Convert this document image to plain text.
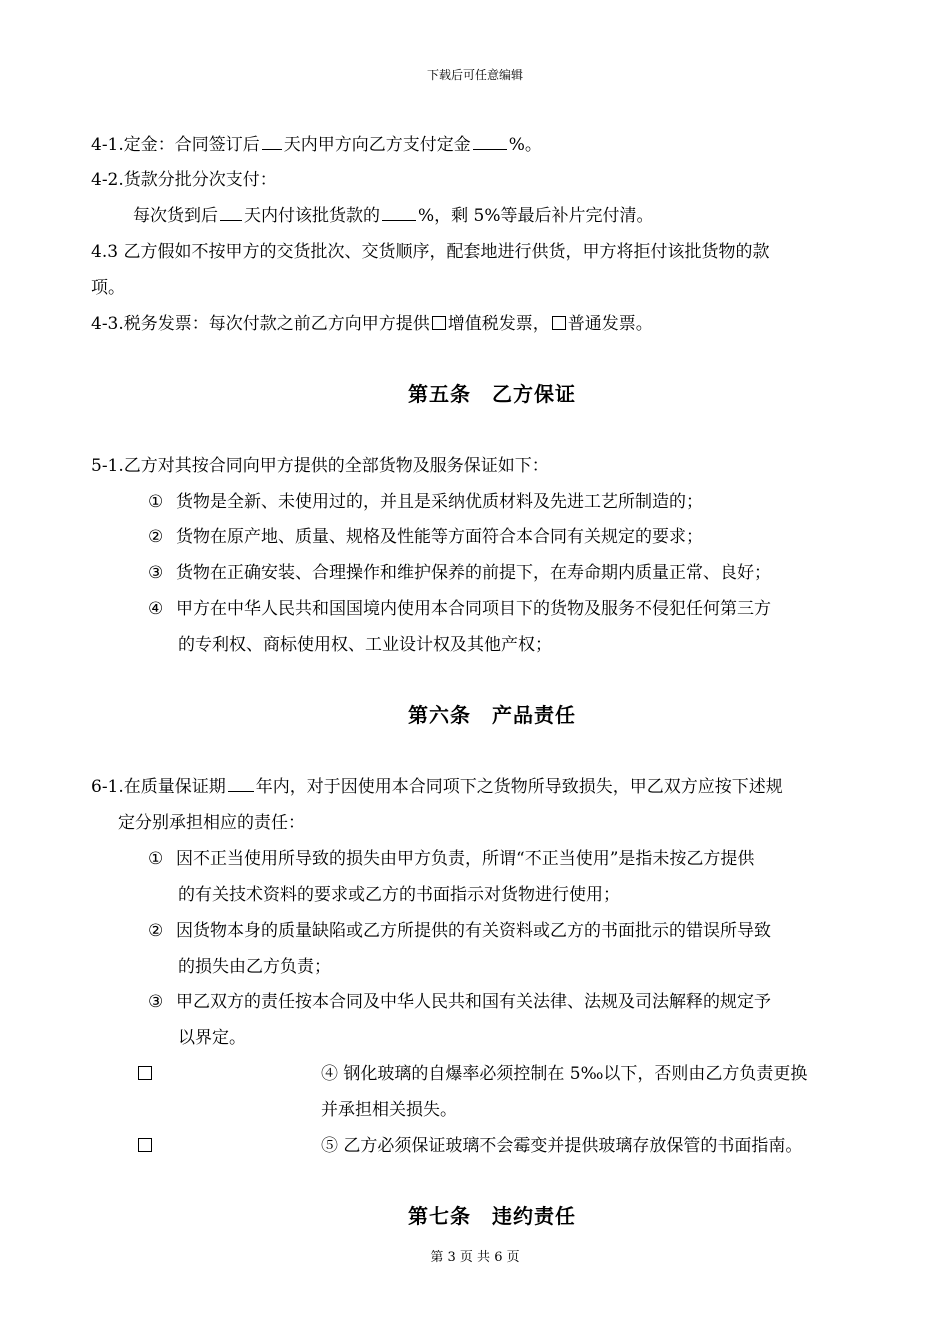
下载后可任意编辑
4-1.定金：合同签订后 天内甲方向乙方支付定金 %。
4-2.货款分批分次支付：
每次货到后 天内付该批货款的 %，剩 5%等最后补片完付清。
4.3 乙方假如不按甲方的交货批次、交货顺序，配套地进行供货，甲方将拒付该批货物的款
项。
4-3.税务发票：每次付款之前乙方向甲方提供 增值税发票， 普通发票。
第五条　乙方保证
5-1.乙方对其按合同向甲方提供的全部货物及服务保证如下：
① 货物是全新、未使用过的，并且是采纳优质材料及先进工艺所制造的；
② 货物在原产地、质量、规格及性能等方面符合本合同有关规定的要求；
③ 货物在正确安装、合理操作和维护保养的前提下，在寿命期内质量正常、良好；
④ 甲方在中华人民共和国国境内使用本合同项目下的货物及服务不侵犯任何第三方
的专利权、商标使用权、工业设计权及其他产权；
第六条　产品责任
6-1.在质量保证期 年内，对于因使用本合同项下之货物所导致损失，甲乙双方应按下述规
定分别承担相应的责任：
① 因不正当使用所导致的损失由甲方负责，所谓“不正当使用”是指未按乙方提供
的有关技术资料的要求或乙方的书面指示对货物进行使用；
② 因货物本身的质量缺陷或乙方所提供的有关资料或乙方的书面批示的错误所导致
的损失由乙方负责；
③ 甲乙双方的责任按本合同及中华人民共和国有关法律、法规及司法解释的规定予
以界定。
④ 钢化玻璃的自爆率必须控制在 5‰以下，否则由乙方负责更换
并承担相关损失。
⑤ 乙方必须保证玻璃不会霉变并提供玻璃存放保管的书面指南。
第七条　违约责任
第 3 页 共 6 页
